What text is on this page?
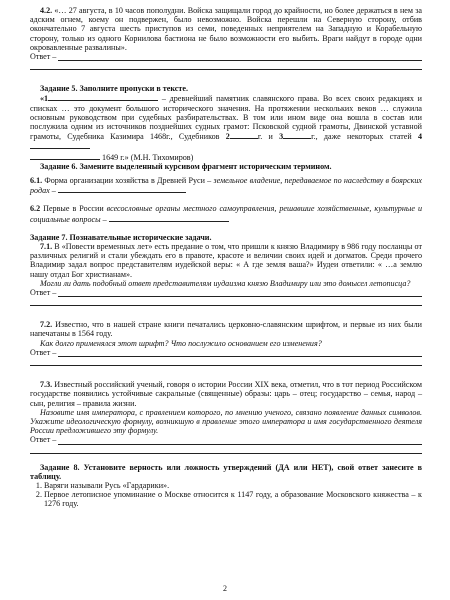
4.2. «… 27 августа, в 10 часов пополудни. Войска защищали город до крайности, но более держаться в нем за адским огнем, коему он подвержен, было невозможно. Войска перешли на Северную сторону, отбив окончательно 7 августа шесть приступов из семи, поведенных неприятелем на Западную и Корабельную сторону, только из одного Корнилова бастиона не было возможности его выбить. Враги найдут в городе одни окровавленные развалины».

Ответ –

Задание 5. Заполните пропуски в тексте.

«1	– древнейший памятник славянского права. Во всех своих редакциях и списках … это документ большого исторического значения. На протяжении нескольких веков … служила основным руководством при судебных разбирательствах. В том или ином виде она вошла в состав или послужила одним из источников позднейших судных грамот: Псковской судной грамоты, Двинской уставной грамоты, Судебника Казимира 1468г., Судебников 2	г. и 3	г., даже некоторых статей 4

1649 г.» (М.Н. Тихомиров)

Задание 6. Замените выделенный курсивом фрагмент историческим термином.

6.1. Форма организации хозяйства в Древней Руси – земельное владение, передаваемое по наследству в боярских родах –

6.2 Первые в России всесословные органы местного самоуправления, решавшие хозяйственные, культурные и социальные вопросы –

Задание 7. Познавательные исторические задачи.

7.1. В «Повести временных лет» есть предание о том, что пришли к князю Владимиру в 986 году посланцы от различных религий и стали убеждать его в правоте, красоте и величии своих идей и догматов. Среди прочего Владимир задал вопрос представителям иудейской веры: « А где земля ваша?» Иудеи ответили: « …а землю нашу отдал Бог христианам».

Могли ли дать подобный ответ представителям иудаизма князю Владимиру или это домысел летописца?

Ответ –

7.2. Известно, что в нашей стране книги печатались церковно-славянским шрифтом, и первые из них были напечатаны в 1564 году.

Как долго применялся этот шрифт? Что послужило основанием его изменения?

Ответ –

7.3. Известный российский ученый, говоря о истории России XIX века, отметил, что в тот период Российском государстве появились устойчивые сакральные (священные) образы: царь – отец; государство – семья, народ – сын, религия – правила жизни.

Назовите имя императора, с правлением которого, по мнению ученого, связано появление данных символов. Укажите идеологическую формулу, возникшую в правление этого императора и имя государственного деятеля России предложившего эту формулу.

Ответ –

Задание 8. Установите верность или ложность утверждений (ДА или НЕТ), свой ответ занесите в таблицу.

1. Варяги называли Русь «Гардарики».
2. Первое летописное упоминание о Москве относится к 1147 году, а образование Московского княжества – к 1276 году.
2
